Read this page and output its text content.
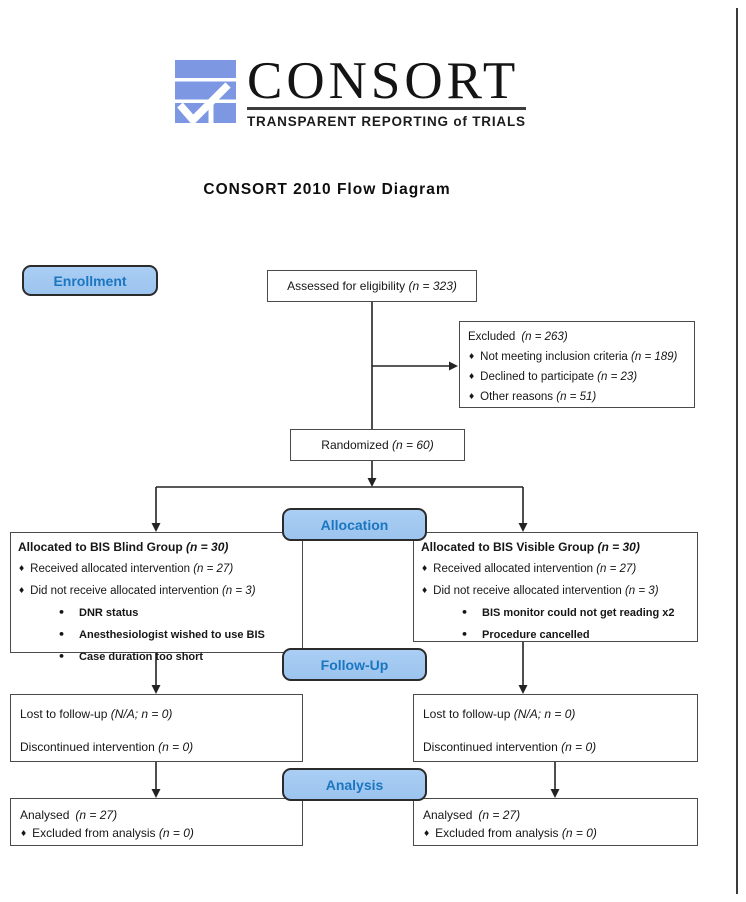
CONSORT
TRANSPARENT REPORTING of TRIALS
CONSORT 2010 Flow Diagram
Enrollment
Allocation
Follow-Up
Analysis
Assessed for eligibility
(n = 323)
Excluded (n = 263)
♦ Not meeting inclusion criteria (n = 189)
♦ Declined to participate (n = 23)
♦ Other reasons (n = 51)
Randomized
(n = 60)
Allocated to BIS Blind Group (n = 30)
♦ Received allocated intervention (n = 27)
♦ Did not receive allocated intervention (n = 3)
• DNR status
• Anesthesiologist wished to use BIS
• Case duration too short
Allocated to BIS Visible Group (n = 30)
♦ Received allocated intervention (n = 27)
♦ Did not receive allocated intervention (n = 3)
• BIS monitor could not get reading x2
• Procedure cancelled
Lost to follow-up (N/A; n = 0)
Discontinued intervention (n = 0)
Lost to follow-up (N/A; n = 0)
Discontinued intervention (n = 0)
Analysed (n = 27)
♦ Excluded from analysis (n = 0)
Analysed (n = 27)
♦ Excluded from analysis (n = 0)
